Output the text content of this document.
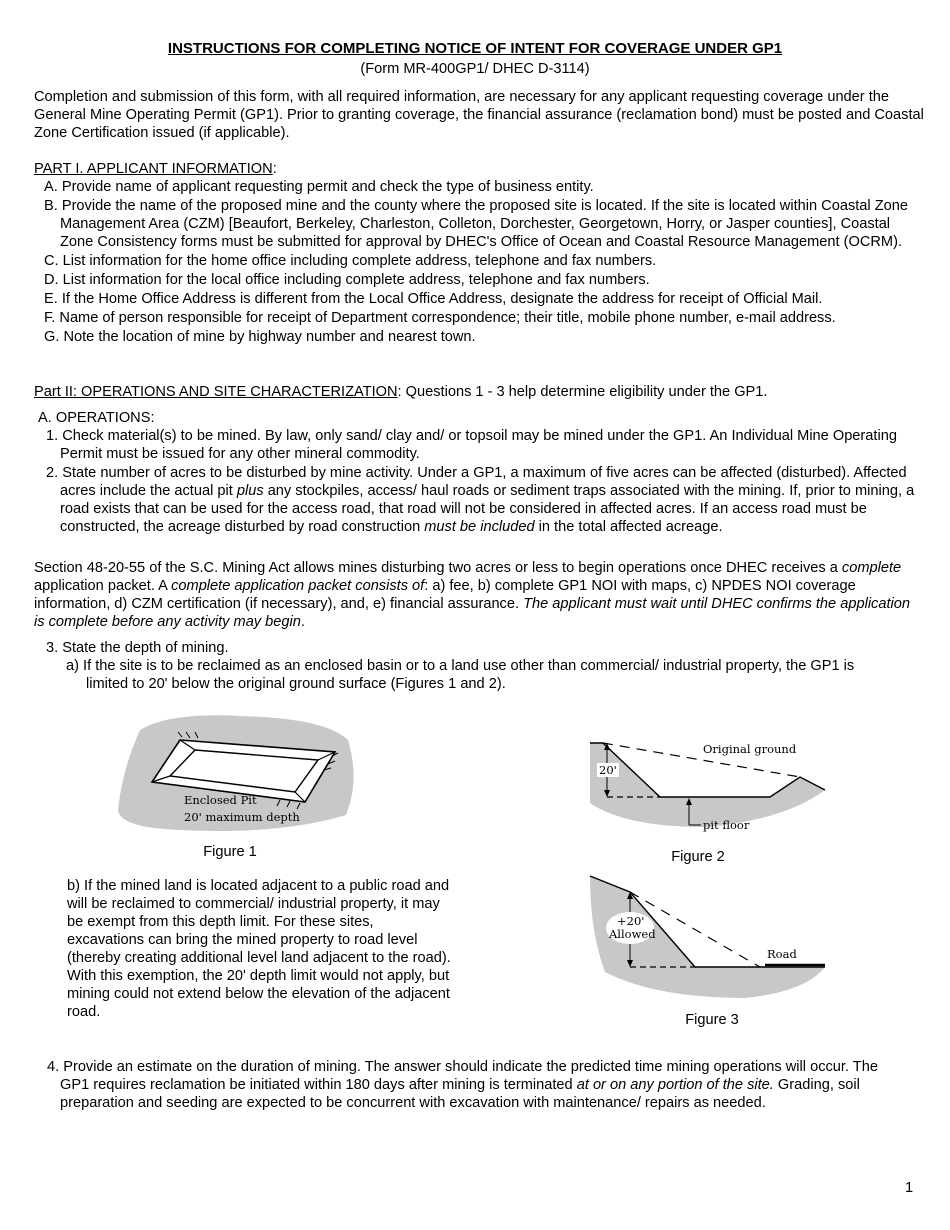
INSTRUCTIONS FOR COMPLETING NOTICE OF INTENT FOR COVERAGE UNDER GP1
(Form MR-400GP1/ DHEC D-3114)
Completion and submission of this form, with all required information, are necessary for any applicant requesting coverage under the General Mine Operating Permit (GP1). Prior to granting coverage, the financial assurance (reclamation bond) must be posted and Coastal Zone Certification issued (if applicable).
PART I. APPLICANT INFORMATION:
A. Provide name of applicant requesting permit and check the type of business entity.
B. Provide the name of the proposed mine and the county where the proposed site is located. If the site is located within Coastal Zone Management Area (CZM) [Beaufort, Berkeley, Charleston, Colleton, Dorchester, Georgetown, Horry, or Jasper counties], Coastal Zone Consistency forms must be submitted for approval by DHEC's Office of Ocean and Coastal Resource Management (OCRM).
C. List information for the home office including complete address, telephone and fax numbers.
D. List information for the local office including complete address, telephone and fax numbers.
E. If the Home Office Address is different from the Local Office Address, designate the address for receipt of Official Mail.
F. Name of person responsible for receipt of Department correspondence; their title, mobile phone number, e-mail address.
G. Note the location of mine by highway number and nearest town.
Part II: OPERATIONS AND SITE CHARACTERIZATION: Questions 1 - 3 help determine eligibility under the GP1.
A. OPERATIONS:
1. Check material(s) to be mined. By law, only sand/ clay and/ or topsoil may be mined under the GP1. An Individual Mine Operating Permit must be issued for any other mineral commodity.
2. State number of acres to be disturbed by mine activity. Under a GP1, a maximum of five acres can be affected (disturbed). Affected acres include the actual pit plus any stockpiles, access/ haul roads or sediment traps associated with the mining. If, prior to mining, a road exists that can be used for the access road, that road will not be considered in affected acres. If an access road must be constructed, the acreage disturbed by road construction must be included in the total affected acreage.
Section 48-20-55 of the S.C. Mining Act allows mines disturbing two acres or less to begin operations once DHEC receives a complete application packet. A complete application packet consists of: a) fee, b) complete GP1 NOI with maps, c) NPDES NOI coverage information, d) CZM certification (if necessary), and, e) financial assurance. The applicant must wait until DHEC confirms the application is complete before any activity may begin.
3. State the depth of mining.
a) If the site is to be reclaimed as an enclosed basin or to a land use other than commercial/ industrial property, the GP1 is limited to 20' below the original ground surface (Figures 1 and 2).
Enclosed Pit
20' maximum depth
Figure 1
20'
Original ground
pit floor
Figure 2
b) If the mined land is located adjacent to a public road and will be reclaimed to commercial/ industrial property, it may be exempt from this depth limit. For these sites, excavations can bring the mined property to road level (thereby creating additional level land adjacent to the road). With this exemption, the 20' depth limit would not apply, but mining could not extend below the elevation of the adjacent road.
+20'
Allowed
Road
Figure 3
4. Provide an estimate on the duration of mining. The answer should indicate the predicted time mining operations will occur. The GP1 requires reclamation be initiated within 180 days after mining is terminated at or on any portion of the site. Grading, soil preparation and seeding are expected to be concurrent with excavation with maintenance/ repairs as needed.
1
